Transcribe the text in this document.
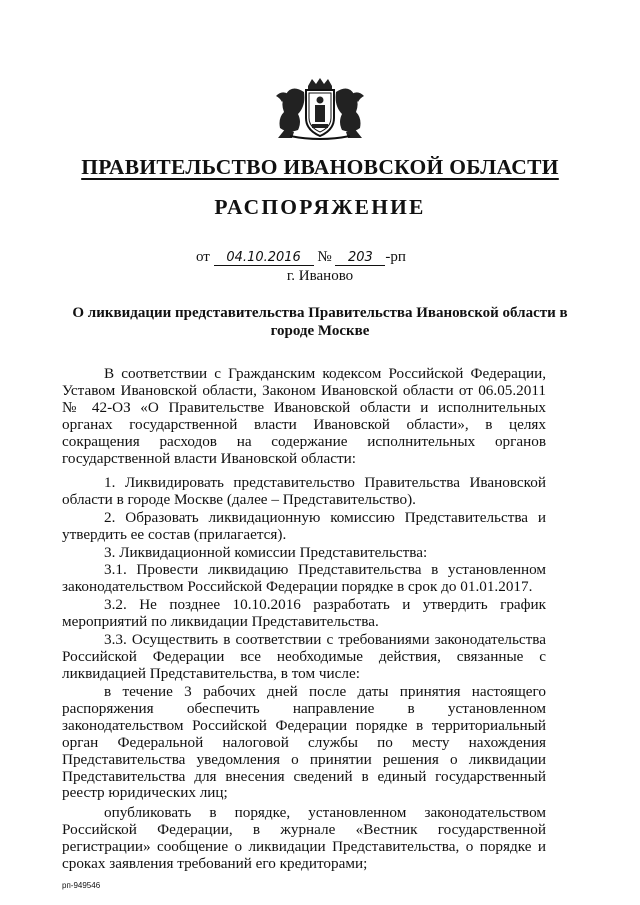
ПРАВИТЕЛЬСТВО ИВАНОВСКОЙ ОБЛАСТИ
РАСПОРЯЖЕНИЕ
от 04.10.2016 № 203 -рп
г. Иваново
О ликвидации представительства Правительства Ивановской области в городе Москве

В соответствии с Гражданским кодексом Российской Федерации, Уставом Ивановской области, Законом Ивановской области от 06.05.2011 № 42-ОЗ «О Правительстве Ивановской области и исполнительных органах государственной власти Ивановской области», в целях сокращения расходов на содержание исполнительных органов государственной власти Ивановской области:

1. Ликвидировать представительство Правительства Ивановской области в городе Москве (далее – Представительство).

2. Образовать ликвидационную комиссию Представительства и утвердить ее состав (прилагается).

3. Ликвидационной комиссии Представительства:

3.1. Провести ликвидацию Представительства в установленном законодательством Российской Федерации порядке в срок до 01.01.2017.

3.2. Не позднее 10.10.2016 разработать и утвердить график мероприятий по ликвидации Представительства.

3.3. Осуществить в соответствии с требованиями законодательства Российской Федерации все необходимые действия, связанные с ликвидацией Представительства, в том числе:

в течение 3 рабочих дней после даты принятия настоящего распоряжения обеспечить направление в установленном законодательством Российской Федерации порядке в территориальный орган Федеральной налоговой службы по месту нахождения Представительства уведомления о принятии решения о ликвидации Представительства для внесения сведений в единый государственный реестр юридических лиц;

опубликовать в порядке, установленном законодательством Российской Федерации, в журнале «Вестник государственной регистрации» сообщение о ликвидации Представительства, о порядке и сроках заявления требований его кредиторами;

рп-949546
